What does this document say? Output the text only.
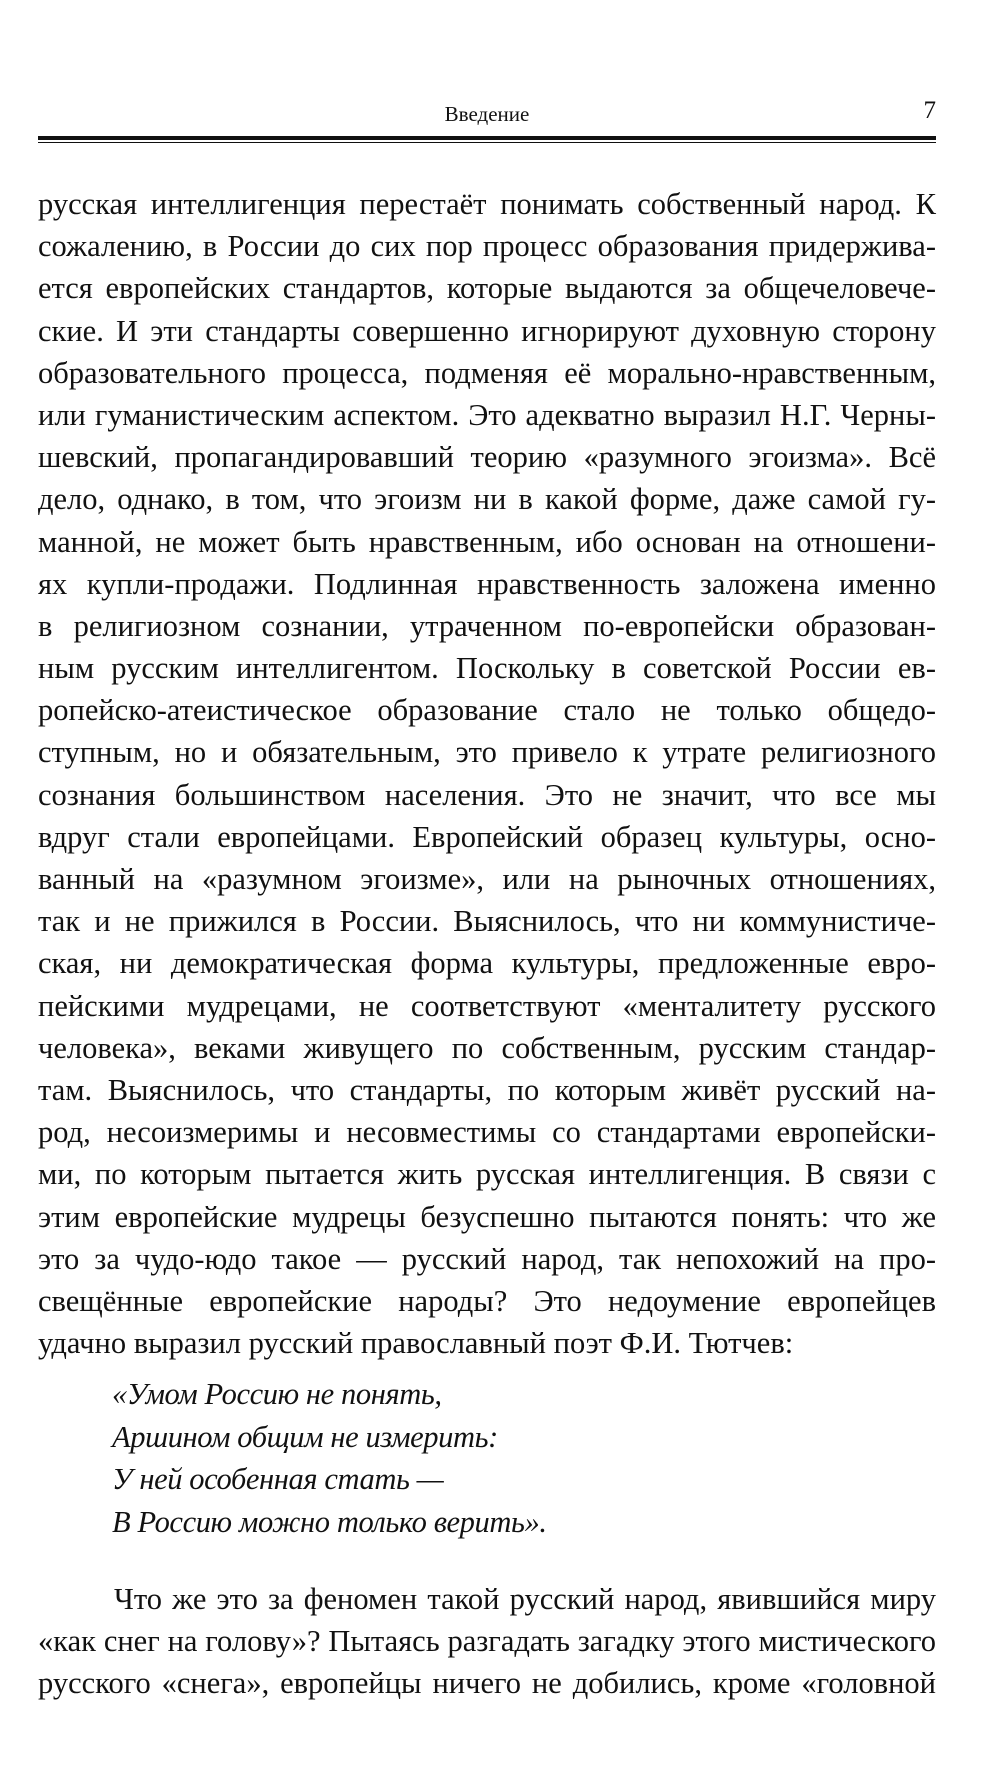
Введение	7
русская интеллигенция перестаёт понимать собственный народ. К
сожалению, в России до сих пор процесс образования придержива-
ется европейских стандартов, которые выдаются за общечеловече-
ские. И эти стандарты совершенно игнорируют духовную сторону
образовательного процесса, подменяя её морально-нравственным,
или гуманистическим аспектом. Это адекватно выразил Н.Г. Черны-
шевский, пропагандировавший теорию «разумного эгоизма». Всё
дело, однако, в том, что эгоизм ни в какой форме, даже самой гу-
манной, не может быть нравственным, ибо основан на отношени-
ях купли-продажи. Подлинная нравственность заложена именно
в религиозном сознании, утраченном по-европейски образован-
ным русским интеллигентом. Поскольку в советской России ев-
ропейско-атеистическое образование стало не только общедо-
ступным, но и обязательным, это привело к утрате религиозного
сознания большинством населения. Это не значит, что все мы
вдруг стали европейцами. Европейский образец культуры, осно-
ванный на «разумном эгоизме», или на рыночных отношениях,
так и не прижился в России. Выяснилось, что ни коммунистиче-
ская, ни демократическая форма культуры, предложенные евро-
пейскими мудрецами, не соответствуют «менталитету русского
человека», веками живущего по собственным, русским стандар-
там. Выяснилось, что стандарты, по которым живёт русский на-
род, несоизмеримы и несовместимы со стандартами европейски-
ми, по которым пытается жить русская интеллигенция. В связи с
этим европейские мудрецы безуспешно пытаются понять: что же
это за чудо-юдо такое — русский народ, так непохожий на про-
свещённые европейские народы? Это недоумение европейцев
удачно выразил русский православный поэт Ф.И. Тютчев:
«Умом Россию не понять,
Аршином общим не измерить:
У ней особенная стать —
В Россию можно только верить».
Что же это за феномен такой русский народ, явившийся миру
«как снег на голову»? Пытаясь разгадать загадку этого мистического
русского «снега», европейцы ничего не добились, кроме «головной
